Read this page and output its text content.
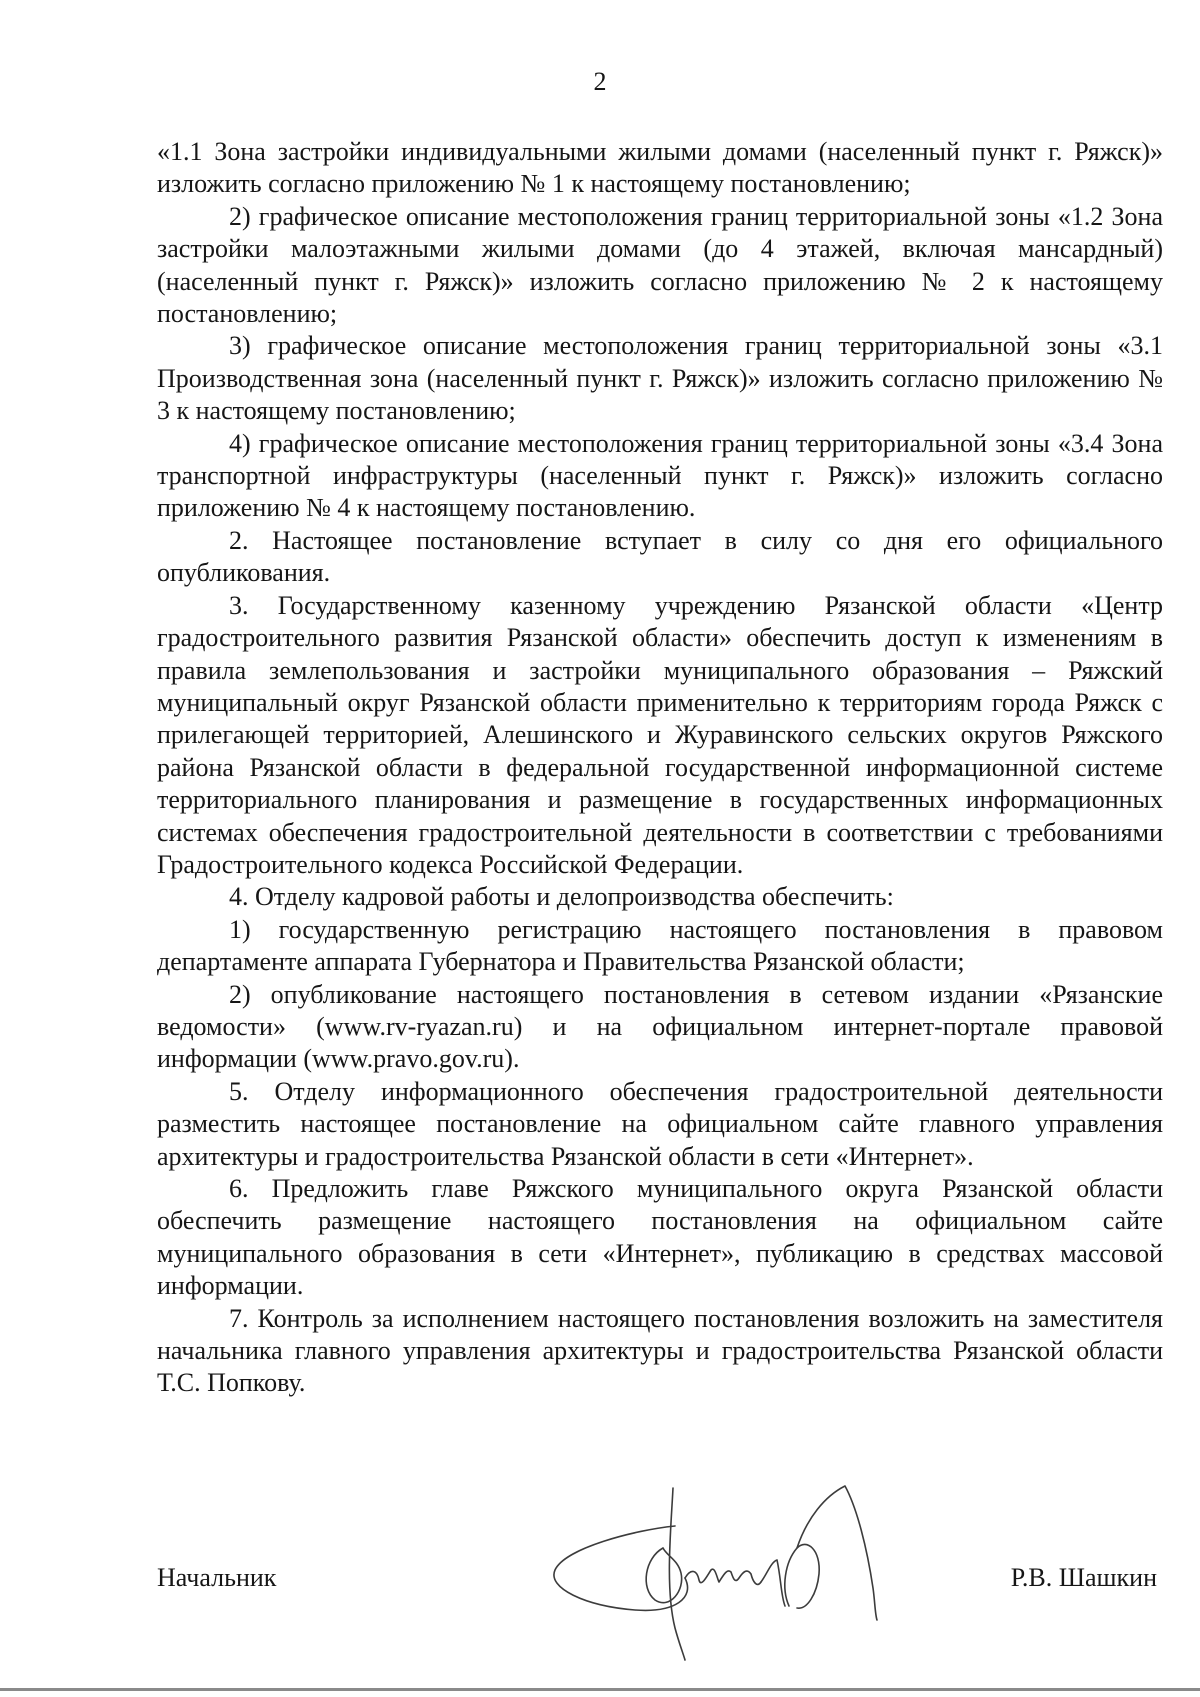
2

«1.1 Зона застройки индивидуальными жилыми домами (населенный пункт г. Ряжск)» изложить согласно приложению № 1 к настоящему постановлению;

2) графическое описание местоположения границ территориальной зоны «1.2 Зона застройки малоэтажными жилыми домами (до 4 этажей, включая мансардный) (населенный пункт г. Ряжск)» изложить согласно приложению № 2 к настоящему постановлению;

3) графическое описание местоположения границ территориальной зоны «3.1 Производственная зона (населенный пункт г. Ряжск)» изложить согласно приложению № 3 к настоящему постановлению;

4) графическое описание местоположения границ территориальной зоны «3.4 Зона транспортной инфраструктуры (населенный пункт г. Ряжск)» изложить согласно приложению № 4 к настоящему постановлению.

2. Настоящее постановление вступает в силу со дня его официального опубликования.

3. Государственному казенному учреждению Рязанской области «Центр градостроительного развития Рязанской области» обеспечить доступ к изменениям в правила землепользования и застройки муниципального образования – Ряжский муниципальный округ Рязанской области применительно к территориям города Ряжск с прилегающей территорией, Алешинского и Журавинского сельских округов Ряжского района Рязанской области в федеральной государственной информационной системе территориального планирования и размещение в государственных информационных системах обеспечения градостроительной деятельности в соответствии с требованиями Градостроительного кодекса Российской Федерации.

4. Отделу кадровой работы и делопроизводства обеспечить:

1) государственную регистрацию настоящего постановления в правовом департаменте аппарата Губернатора и Правительства Рязанской области;

2) опубликование настоящего постановления в сетевом издании «Рязанские ведомости» (www.rv-ryazan.ru) и на официальном интернет-портале правовой информации (www.pravo.gov.ru).

5. Отделу информационного обеспечения градостроительной деятельности разместить настоящее постановление на официальном сайте главного управления архитектуры и градостроительства Рязанской области в сети «Интернет».

6. Предложить главе Ряжского муниципального округа Рязанской области обеспечить размещение настоящего постановления на официальном сайте муниципального образования в сети «Интернет», публикацию в средствах массовой информации.

7. Контроль за исполнением настоящего постановления возложить на заместителя начальника главного управления архитектуры и градостроительства Рязанской области Т.С. Попкову.

Начальник	Р.В. Шашкин
